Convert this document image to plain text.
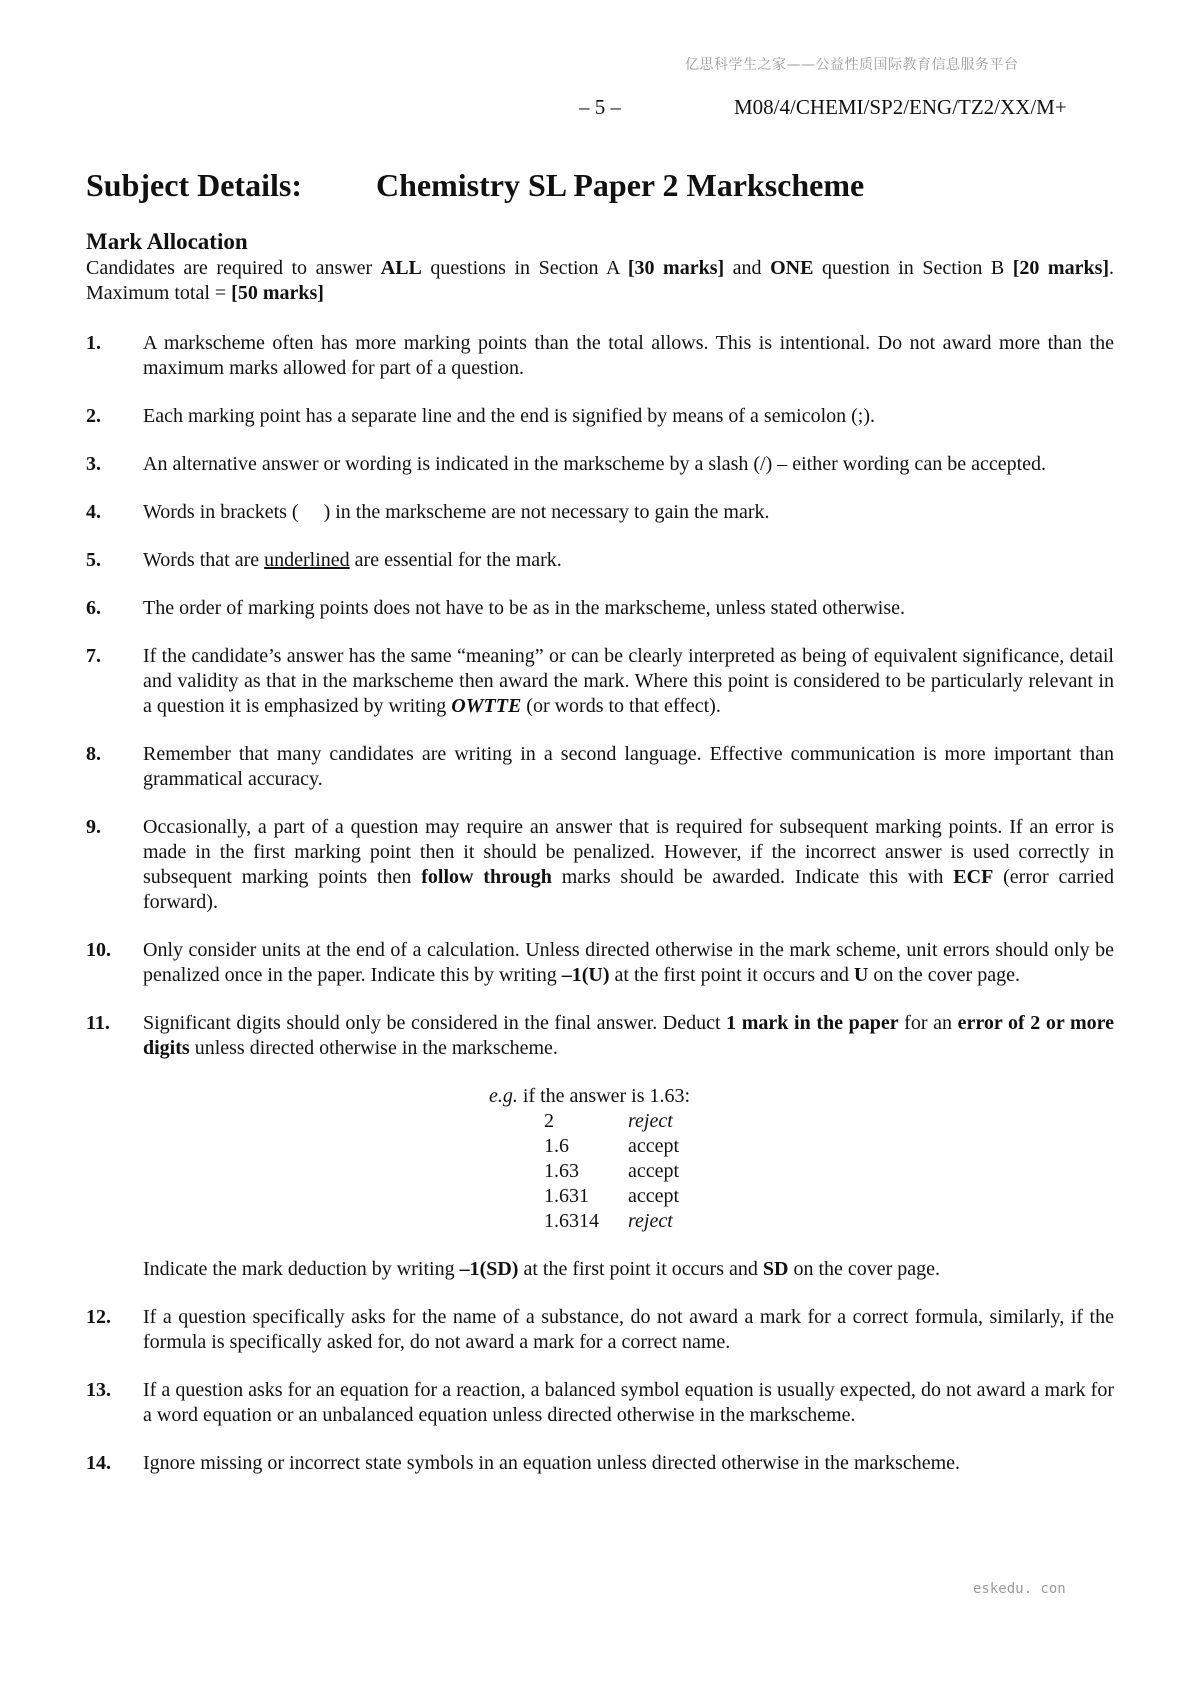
亿思科学生之家——公益性质国际教育信息服务平台
– 5 –	M08/4/CHEMI/SP2/ENG/TZ2/XX/M+
Subject Details: Chemistry SL Paper 2 Markscheme
Mark Allocation
Candidates are required to answer ALL questions in Section A [30 marks] and ONE question in Section B [20 marks]. Maximum total = [50 marks]
1. A markscheme often has more marking points than the total allows. This is intentional. Do not award more than the maximum marks allowed for part of a question.
2. Each marking point has a separate line and the end is signified by means of a semicolon (;).
3. An alternative answer or wording is indicated in the markscheme by a slash (/) – either wording can be accepted.
4. Words in brackets (     ) in the markscheme are not necessary to gain the mark.
5. Words that are underlined are essential for the mark.
6. The order of marking points does not have to be as in the markscheme, unless stated otherwise.
7. If the candidate’s answer has the same “meaning” or can be clearly interpreted as being of equivalent significance, detail and validity as that in the markscheme then award the mark. Where this point is considered to be particularly relevant in a question it is emphasized by writing OWTTE (or words to that effect).
8. Remember that many candidates are writing in a second language. Effective communication is more important than grammatical accuracy.
9. Occasionally, a part of a question may require an answer that is required for subsequent marking points. If an error is made in the first marking point then it should be penalized. However, if the incorrect answer is used correctly in subsequent marking points then follow through marks should be awarded. Indicate this with ECF (error carried forward).
10. Only consider units at the end of a calculation. Unless directed otherwise in the mark scheme, unit errors should only be penalized once in the paper. Indicate this by writing –1(U) at the first point it occurs and U on the cover page.
11. Significant digits should only be considered in the final answer. Deduct 1 mark in the paper for an error of 2 or more digits unless directed otherwise in the markscheme.
e.g. if the answer is 1.63:
2	reject
1.6	accept
1.63 accept
1.631 accept
1.6314 reject
Indicate the mark deduction by writing –1(SD) at the first point it occurs and SD on the cover page.
12. If a question specifically asks for the name of a substance, do not award a mark for a correct formula, similarly, if the formula is specifically asked for, do not award a mark for a correct name.
13. If a question asks for an equation for a reaction, a balanced symbol equation is usually expected, do not award a mark for a word equation or an unbalanced equation unless directed otherwise in the markscheme.
14. Ignore missing or incorrect state symbols in an equation unless directed otherwise in the markscheme.
eskedu. con
